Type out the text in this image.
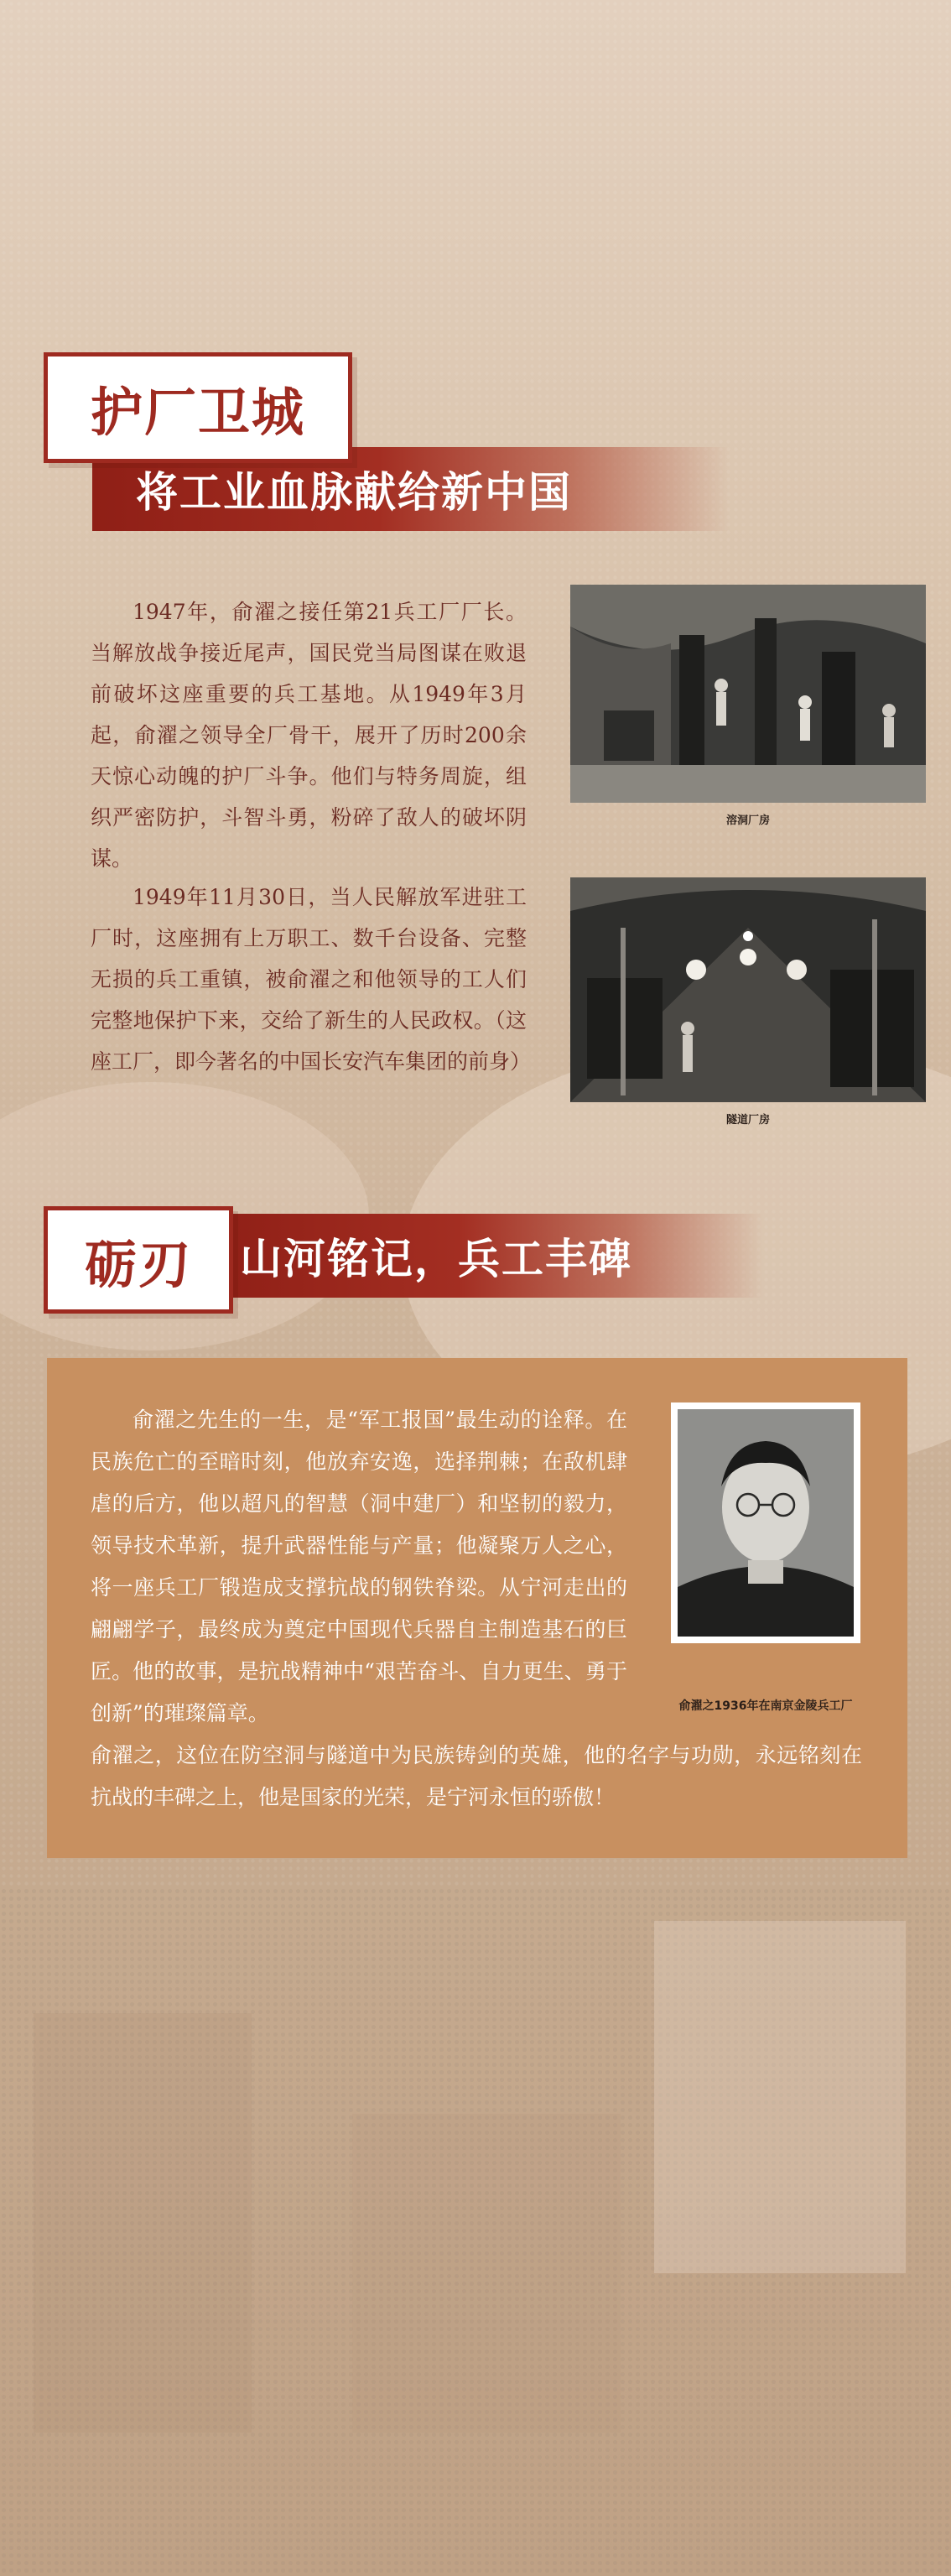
将工业血脉献给新中国
护厂卫城

1947年，俞濯之接任第21兵工厂厂长。当解放战争接近尾声，国民党当局图谋在败退前破坏这座重要的兵工基地。从1949年3月起，俞濯之领导全厂骨干，展开了历时200余天惊心动魄的护厂斗争。他们与特务周旋，组织严密防护，斗智斗勇，粉碎了敌人的破坏阴谋。

1949年11月30日，当人民解放军进驻工厂时，这座拥有上万职工、数千台设备、完整无损的兵工重镇，被俞濯之和他领导的工人们完整地保护下来，交给了新生的人民政权。（这座工厂，即今著名的中国长安汽车集团的前身）

溶洞厂房
隧道厂房
山河铭记，兵工丰碑
砺刃

俞濯之先生的一生，是“军工报国”最生动的诠释。在民族危亡的至暗时刻，他放弃安逸，选择荆棘；在敌机肆虐的后方，他以超凡的智慧（洞中建厂）和坚韧的毅力，领导技术革新，提升武器性能与产量；他凝聚万人之心，将一座兵工厂锻造成支撑抗战的钢铁脊梁。从宁河走出的翩翩学子，最终成为奠定中国现代兵器自主制造基石的巨匠。他的故事，是抗战精神中“艰苦奋斗、自力更生、勇于创新”的璀璨篇章。

俞濯之，这位在防空洞与隧道中为民族铸剑的英雄，他的名字与功勋，永远铭刻在抗战的丰碑之上，他是国家的光荣，是宁河永恒的骄傲！

俞濯之1936年在南京金陵兵工厂
